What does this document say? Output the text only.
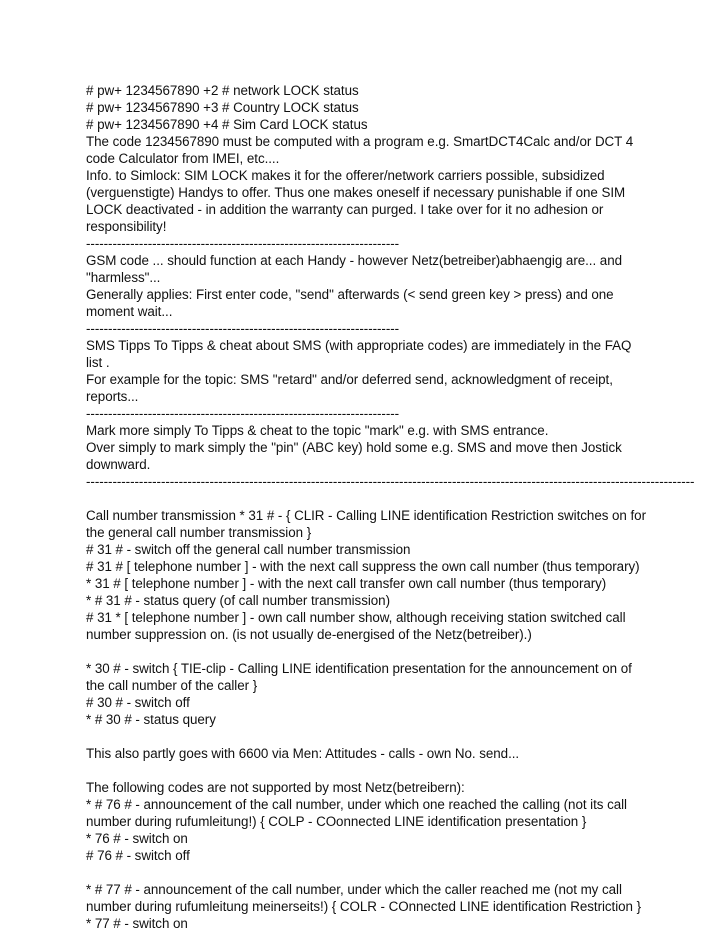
# pw+ 1234567890 +2 # network LOCK status
# pw+ 1234567890 +3 # Country LOCK status
# pw+ 1234567890 +4 # Sim Card LOCK status
The code 1234567890 must be computed with a program e.g. SmartDCT4Calc and/or DCT 4
code Calculator from IMEI, etc....
Info. to Simlock: SIM LOCK makes it for the offerer/network carriers possible, subsidized
(verguenstigte) Handys to offer. Thus one makes oneself if necessary punishable if one SIM
LOCK deactivated - in addition the warranty can purged. I take over for it no adhesion or
responsibility!
-----------------------------------------------------------------------
GSM code ... should function at each Handy - however Netz(betreiber)abhaengig are... and
"harmless"...
Generally applies: First enter code, "send" afterwards (< send green key > press) and one
moment wait...
-----------------------------------------------------------------------
SMS Tipps To Tipps & cheat about SMS (with appropriate codes) are immediately in the FAQ
list .
For example for the topic: SMS "retard" and/or deferred send, acknowledgment of receipt,
reports...
-----------------------------------------------------------------------
Mark more simply To Tipps & cheat to the topic "mark" e.g. with SMS entrance.
Over simply to mark simply the "pin" (ABC key) hold some e.g. SMS and move then Jostick
downward.
------------------------------------------------------------------------------------------------------------------------------------------
Call number transmission * 31 # - { CLIR - Calling LINE identification Restriction switches on for
the general call number transmission }
# 31 # - switch off the general call number transmission
# 31 # [ telephone number ] - with the next call suppress the own call number (thus temporary)
* 31 # [ telephone number ] - with the next call transfer own call number (thus temporary)
* # 31 # - status query (of call number transmission)
# 31 * [ telephone number ] - own call number show, although receiving station switched call
number suppression on. (is not usually de-energised of the Netz(betreiber).)
* 30 # - switch { TIE-clip - Calling LINE identification presentation for the announcement on of
the call number of the caller }
# 30 # - switch off
* # 30 # - status query
This also partly goes with 6600 via Men: Attitudes - calls - own No. send...
The following codes are not supported by most Netz(betreibern):
* # 76 # - announcement of the call number, under which one reached the calling (not its call
number during rufumleitung!) { COLP - COonnected LINE identification presentation }
* 76 # - switch on
# 76 # - switch off
* # 77 # - announcement of the call number, under which the caller reached me (not my call
number during rufumleitung meinerseits!) { COLR - COnnected LINE identification Restriction }
* 77 # - switch on
